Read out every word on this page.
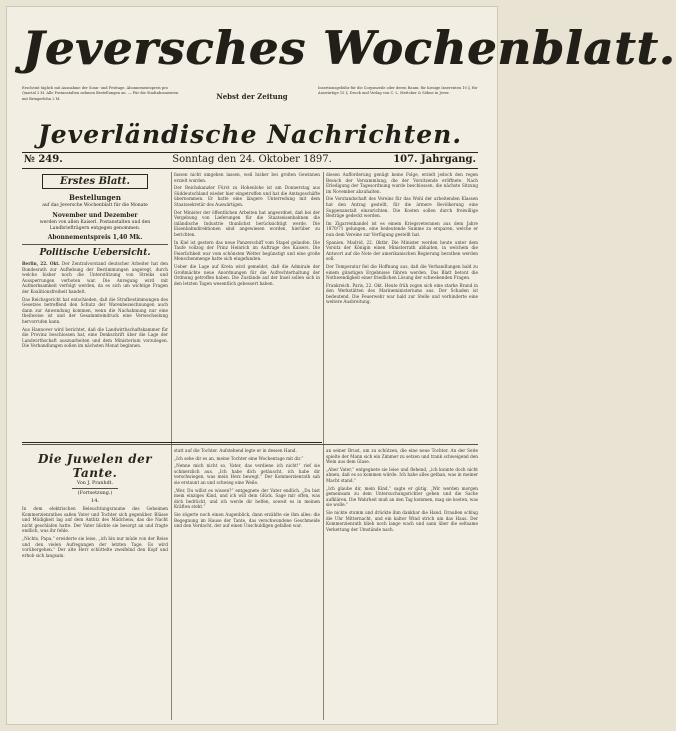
Jeversches Wochenblatt.
Erscheint täglich mit Ausnahme der Sonn- und Festtage. Abonnementspreis pro Quartal 2 M. Alle Postanstalten nehmen Bestellungen an. — Für die Stadtabonnenten mit Bringerlohn 2 M.	Nebst der Zeitung
Insertionsgebühr für die Corpuszeile oder deren Raum: für hiesige Inserenten 10 ₰, für Auswärtige 15 ₰. Druck und Verlag von C. L. Mettcker & Söhne in Jever.
Jeverländische Nachrichten.
№ 249.	Sonntag den 24. Oktober 1897.	107. Jahrgang.
Erstes Blatt.
Bestellungen
auf das Jeversche Wochenblatt für die Monate
November und Dezember
werden von allen Kaiserl. Postanstalten und den Landbriefträgern entgegen genommen.
Abonnementspreis 1,40 Mk.
Politische Uebersicht.
Berlin, 22. Okt. Der Zentralvorstand deutscher Arbeiter hat den Bundesrath zur Aufhebung der Bestimmungen angeregt, durch welche bisher noch die Unterstützung von Streiks und Aussperrungen verboten war. Die Anregung wird mit Aufmerksamkeit verfolgt werden, da es sich um wichtige Fragen der Koalitionsfreiheit handelt.
Das Reichsgericht hat entschieden, daß die Strafbestimmungen des Gesetzes betreffend den Schutz der Warenbezeichnungen auch dann zur Anwendung kommen, wenn die Nachahmung nur eine theilweise ist und der Gesammteindruck eine Verwechselung hervorrufen kann.
Aus Hannover wird berichtet, daß die Landwirthschaftskammer für die Provinz beschlossen hat, eine Denkschrift über die Lage der Landwirthschaft auszuarbeiten und dem Ministerium vorzulegen. Die Verhandlungen sollen im nächsten Monat beginnen.
fassen nicht umgehen lassen, weil bisher bei großen Gewinnen erzielt wurden.
Der Reichskanzler Fürst zu Hohenlohe ist am Donnerstag aus Süddeutschland wieder hier eingetroffen und hat die Amtsgeschäfte übernommen. Er hatte eine längere Unterredung mit dem Staatssekretär des Auswärtigen.
Der Minister der öffentlichen Arbeiten hat angeordnet, daß bei der Vergebung von Lieferungen für die Staatseisenbahnen die inländische Industrie thunlichst berücksichtigt werde. Die Eisenbahndirektionen sind angewiesen worden, hierüber zu berichten.
In Kiel ist gestern das neue Panzerschiff vom Stapel gelaufen. Die Taufe vollzog der Prinz Heinrich im Auftrage des Kaisers. Die Feierlichkeit war vom schönsten Wetter begünstigt und eine große Menschenmenge hatte sich eingefunden.
Ueber die Lage auf Kreta wird gemeldet, daß die Admirale der Großmächte neue Anordnungen für die Aufrechterhaltung der Ordnung getroffen haben. Die Zustände auf der Insel sollen sich in den letzten Tagen wesentlich gebessert haben.
diesen Aufforderung genügt keine Folge, erzielt jedoch den regen Besuch der Versammlung, die der Vorsitzende eröffnete. Nach Erledigung der Tagesordnung wurde beschlossen, die nächste Sitzung im November abzuhalten.
Die Vorstandschaft des Vereins für das Wohl der arbeitenden Klassen hat den Antrag gestellt, für die ärmere Bevölkerung eine Suppenanstalt einzurichten. Die Kosten sollen durch freiwillige Beiträge gedeckt werden.
Im Zigarrenhandel ist es einem Kriegsveteranen aus dem Jahre 1870/71 gelungen, eine bedeutende Summe zu ersparen, welche er nun dem Vereine zur Verfügung gestellt hat.
Spanien. Madrid, 22. Oktbr. Die Minister werden heute unter dem Vorsitz der Königin einen Ministerrath abhalten, in welchem die Antwort auf die Note der amerikanischen Regierung berathen werden soll.
Der Temperatur fiel die Hoffnung aus, daß die Verhandlungen bald zu einem günstigen Ergebnisse führen werden. Das Blatt betont die Nothwendigkeit einer friedlichen Lösung der schwebenden Fragen.
Frankreich. Paris, 22. Okt. Heute früh zogen sich eine starke Brand in den Werkstätten des Marineministeriums aus. Der Schaden ist bedeutend. Die Feuerwehr war bald zur Stelle und verhinderte eine weitere Ausbreitung.
Die Juwelen der Tante.
Von J. Pranhdt.
(Fortsetzung.)
14.
In dem elektrischen Beleuchtungsraume des Geheimen Kommerzienrathes saßen Vater und Tochter sich gegenüber. Blässe und Müdigkeit lag auf dem Antlitz des Mädchens, das die Nacht nicht geschlafen hatte. Der Vater blickte sie besorgt an und fragte endlich, was ihr fehle.
„Nichts, Papa,“ erwiderte sie leise, „ich bin nur müde von der Reise und den vielen Aufregungen der letzten Tage. Es wird vorübergehen.“ Der alte Herr schüttelte zweifelnd den Kopf und erhob sich langsam.
statt auf die Tochter. Aufstehend legte er in dessen Hand.
„Ich sehe dir es an, meine Tochter eine Wochentage mit dir.“
„Nenne mich nicht so, Vater, das verdiene ich nicht!“ rief sie schmerzlich aus. „Ich habe dich getäuscht, ich habe dir verschwiegen, was mein Herz bewegt.“ Der Kommerzienrath sah sie erstaunt an und schwieg eine Weile.
„Wer, Du willst es wissen?“ entgegnete der Vater endlich. „Du bist mein einziges Kind, und ich will dein Glück. Sage mir offen, was dich bedrückt, und ich werde dir helfen, soweit es in meinen Kräften steht.“
Sie zögerte noch einen Augenblick, dann erzählte sie ihm alles: die Begegnung im Hause der Tante, das verschwundene Geschmeide und den Verdacht, der auf einen Unschuldigen gefallen war.
an seiner Brust, um zu schützen, die eine neue Tochter. An der Seite spielte der Mann sich ein Zimmer zu setzen und trank schweigend den Wein aus dem Glase.
„Aber Vater,“ entgegnete sie leise und flehend, „ich konnte doch nicht ahnen, daß es so kommen würde. Ich habe alles gethan, was in meiner Macht stand.“
„Ich glaube dir, mein Kind,“ sagte er gütig. „Wir werden morgen gemeinsam zu dem Untersuchungsrichter gehen und die Sache aufklären. Die Wahrheit muß an den Tag kommen, mag sie kosten, was sie wolle.“
Sie nickte stumm und drückte ihm dankbar die Hand. Draußen schlug die Uhr Mitternacht, und ein kalter Wind strich um das Haus. Der Kommerzienrath blieb noch lange wach und sann über die seltsame Verkettung der Umstände nach.
